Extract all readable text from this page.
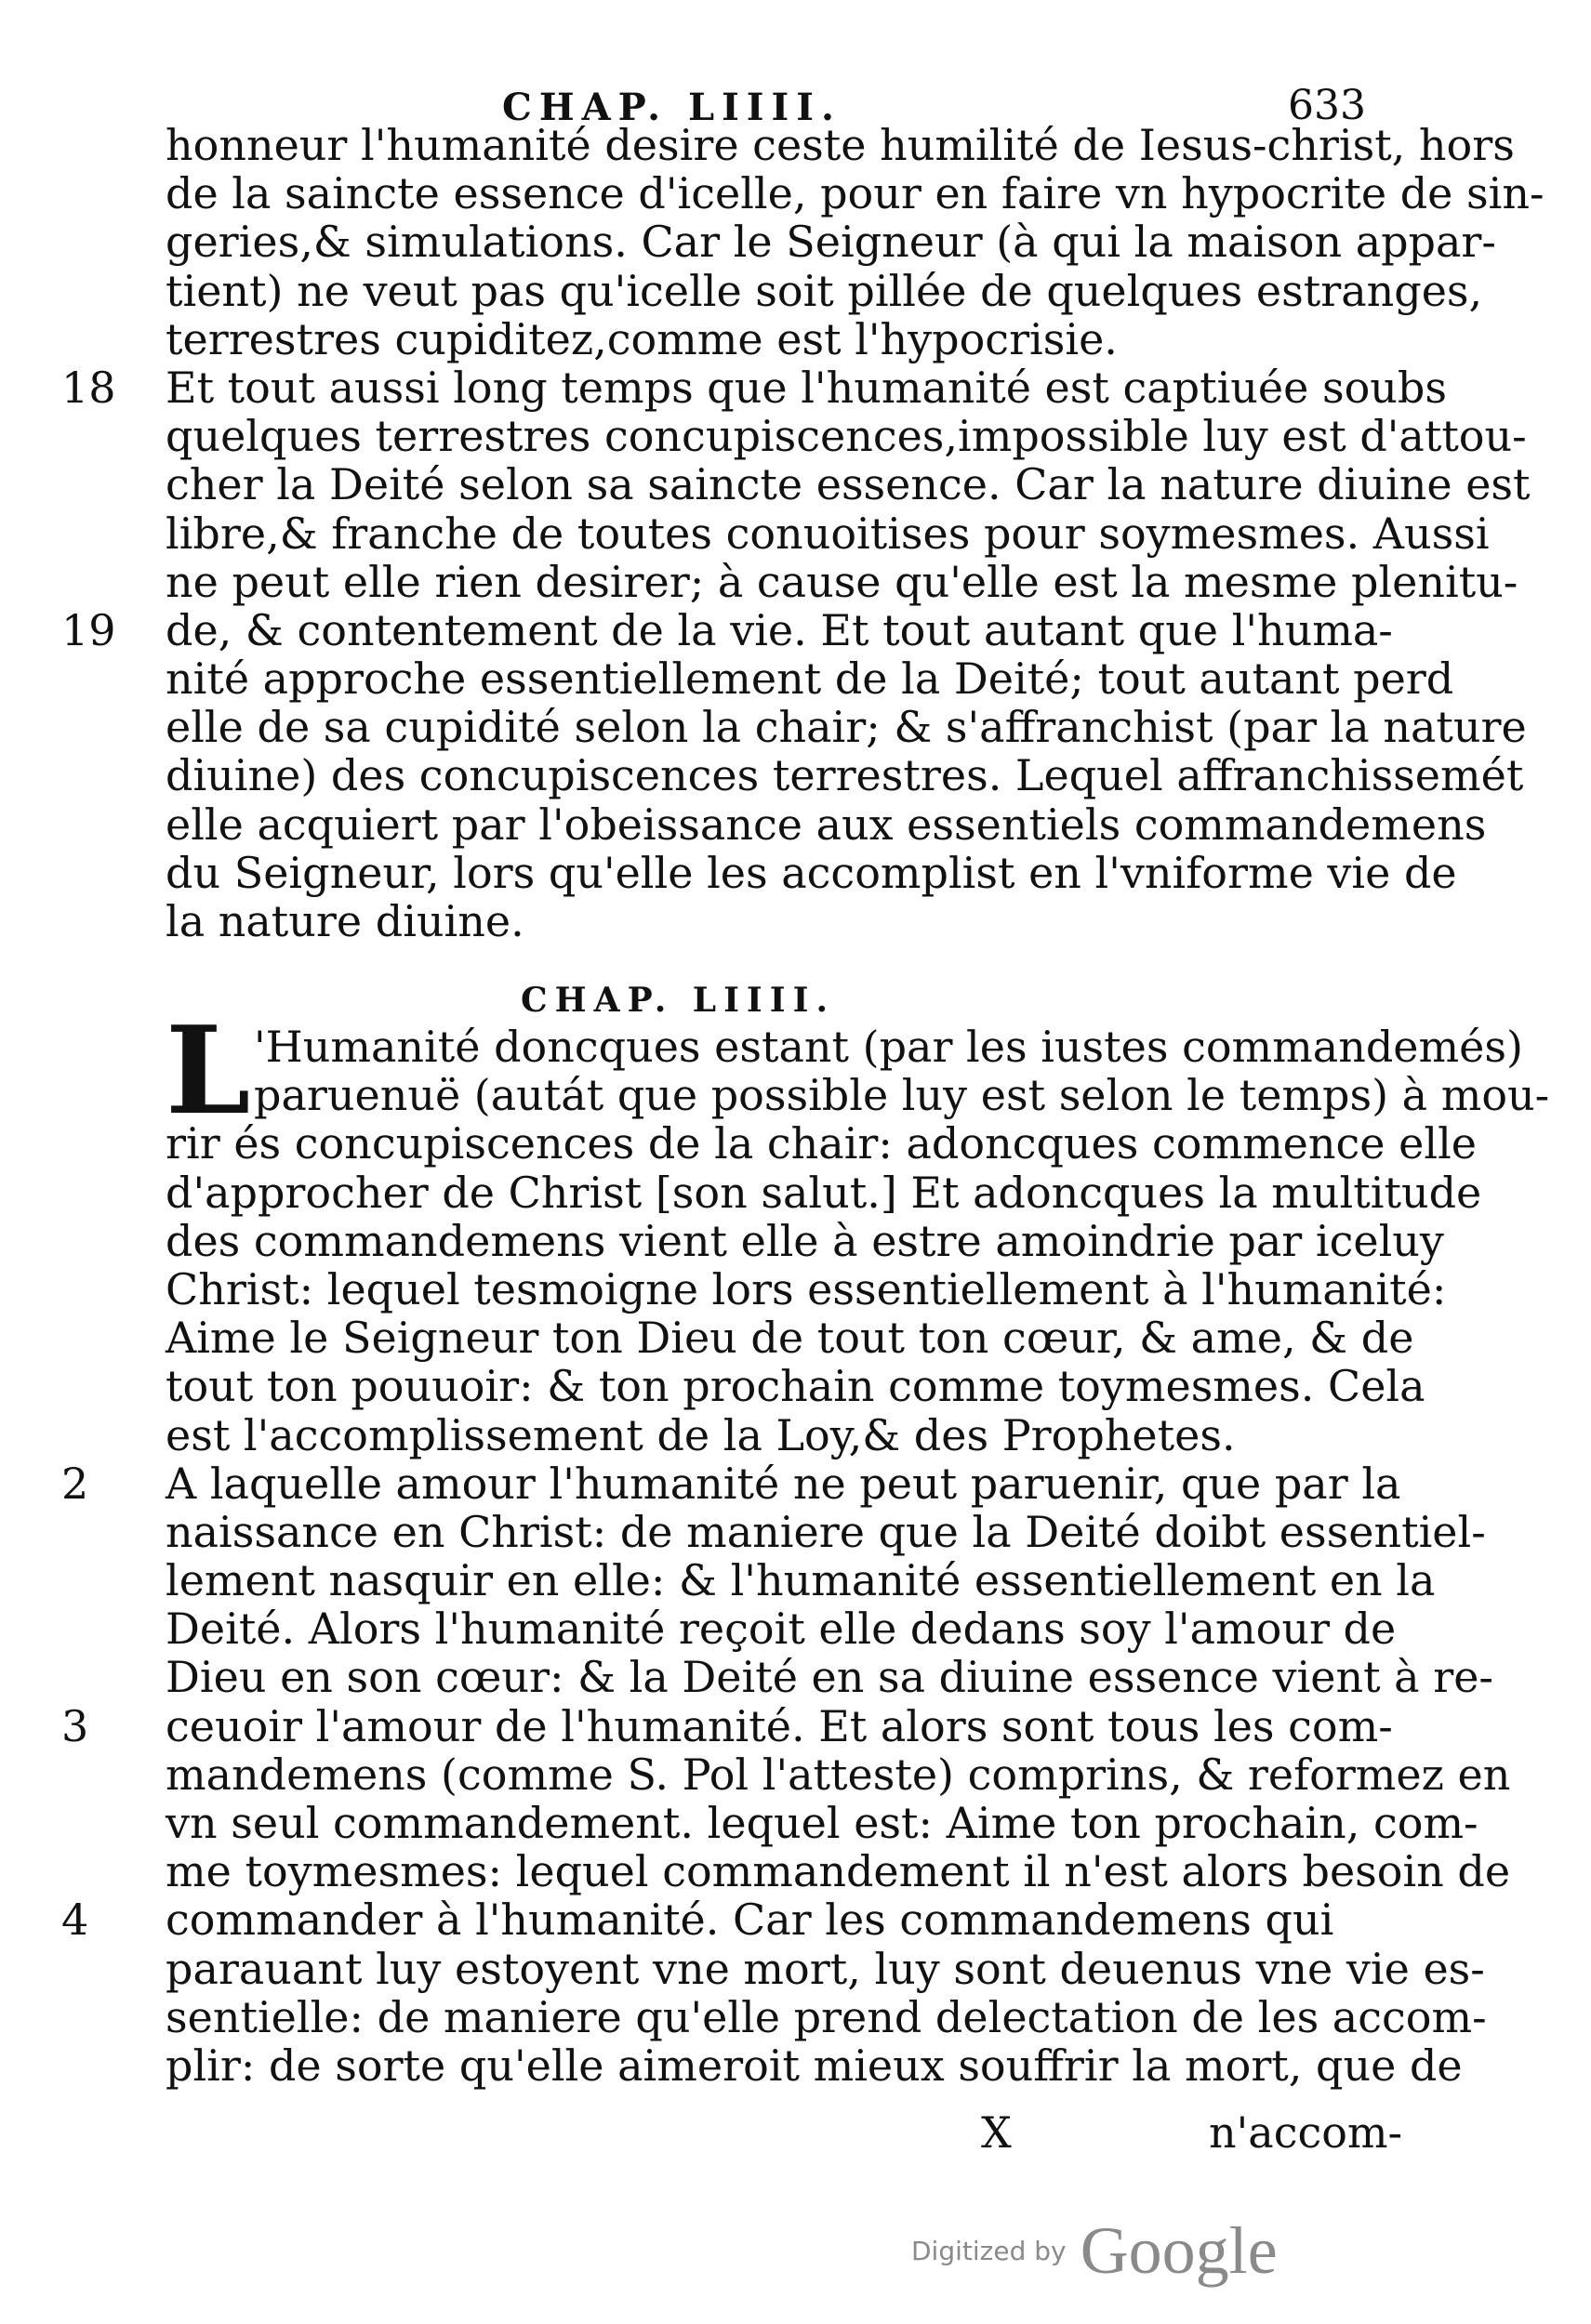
CHAP. LIIII.	633
honneur l'humanité desire ceste humilité de Iesus-christ, hors
de la saincte essence d'icelle, pour en faire vn hypocrite de sin-
geries,& simulations. Car le Seigneur (à qui la maison appar-
tient) ne veut pas qu'icelle soit pillée de quelques estranges,
terrestres cupiditez,comme est l'hypocrisie.
18 Et tout aussi long temps que l'humanité est captiuée soubs
quelques terrestres concupiscences,impossible luy est d'attou-
cher la Deité selon sa saincte essence. Car la nature diuine est
libre,& franche de toutes conuoitises pour soymesmes. Aussi
ne peut elle rien desirer; à cause qu'elle est la mesme plenitu-
19 de, & contentement de la vie. Et tout autant que l'huma-
nité approche essentiellement de la Deité; tout autant perd
elle de sa cupidité selon la chair; & s'affranchist (par la nature
diuine) des concupiscences terrestres. Lequel affranchissemét
elle acquiert par l'obeissance aux essentiels commandemens
du Seigneur, lors qu'elle les accomplist en l'vniforme vie de
la nature diuine.
CHAP. LIIII.
L 'Humanité doncques estant (par les iustes commandemés)
paruenuë (autát que possible luy est selon le temps) à mou-
rir és concupiscences de la chair: adoncques commence elle
d'approcher de Christ [son salut.] Et adoncques la multitude
des commandemens vient elle à estre amoindrie par iceluy
Christ: lequel tesmoigne lors essentiellement à l'humanité:
Aime le Seigneur ton Dieu de tout ton cœur, & ame, & de
tout ton pouuoir: & ton prochain comme toymesmes. Cela
est l'accomplissement de la Loy,& des Prophetes.
2 A laquelle amour l'humanité ne peut paruenir, que par la
naissance en Christ: de maniere que la Deité doibt essentiel-
lement nasquir en elle: & l'humanité essentiellement en la
Deité. Alors l'humanité reçoit elle dedans soy l'amour de
Dieu en son cœur: & la Deité en sa diuine essence vient à re-
3 ceuoir l'amour de l'humanité. Et alors sont tous les com-
mandemens (comme S. Pol l'atteste) comprins, & reformez en
vn seul commandement. lequel est: Aime ton prochain, com-
me toymesmes: lequel commandement il n'est alors besoin de
4 commander à l'humanité. Car les commandemens qui
parauant luy estoyent vne mort, luy sont deuenus vne vie es-
sentielle: de maniere qu'elle prend delectation de les accom-
plir: de sorte qu'elle aimeroit mieux souffrir la mort, que de
X	n'accom-
Digitized by Google
